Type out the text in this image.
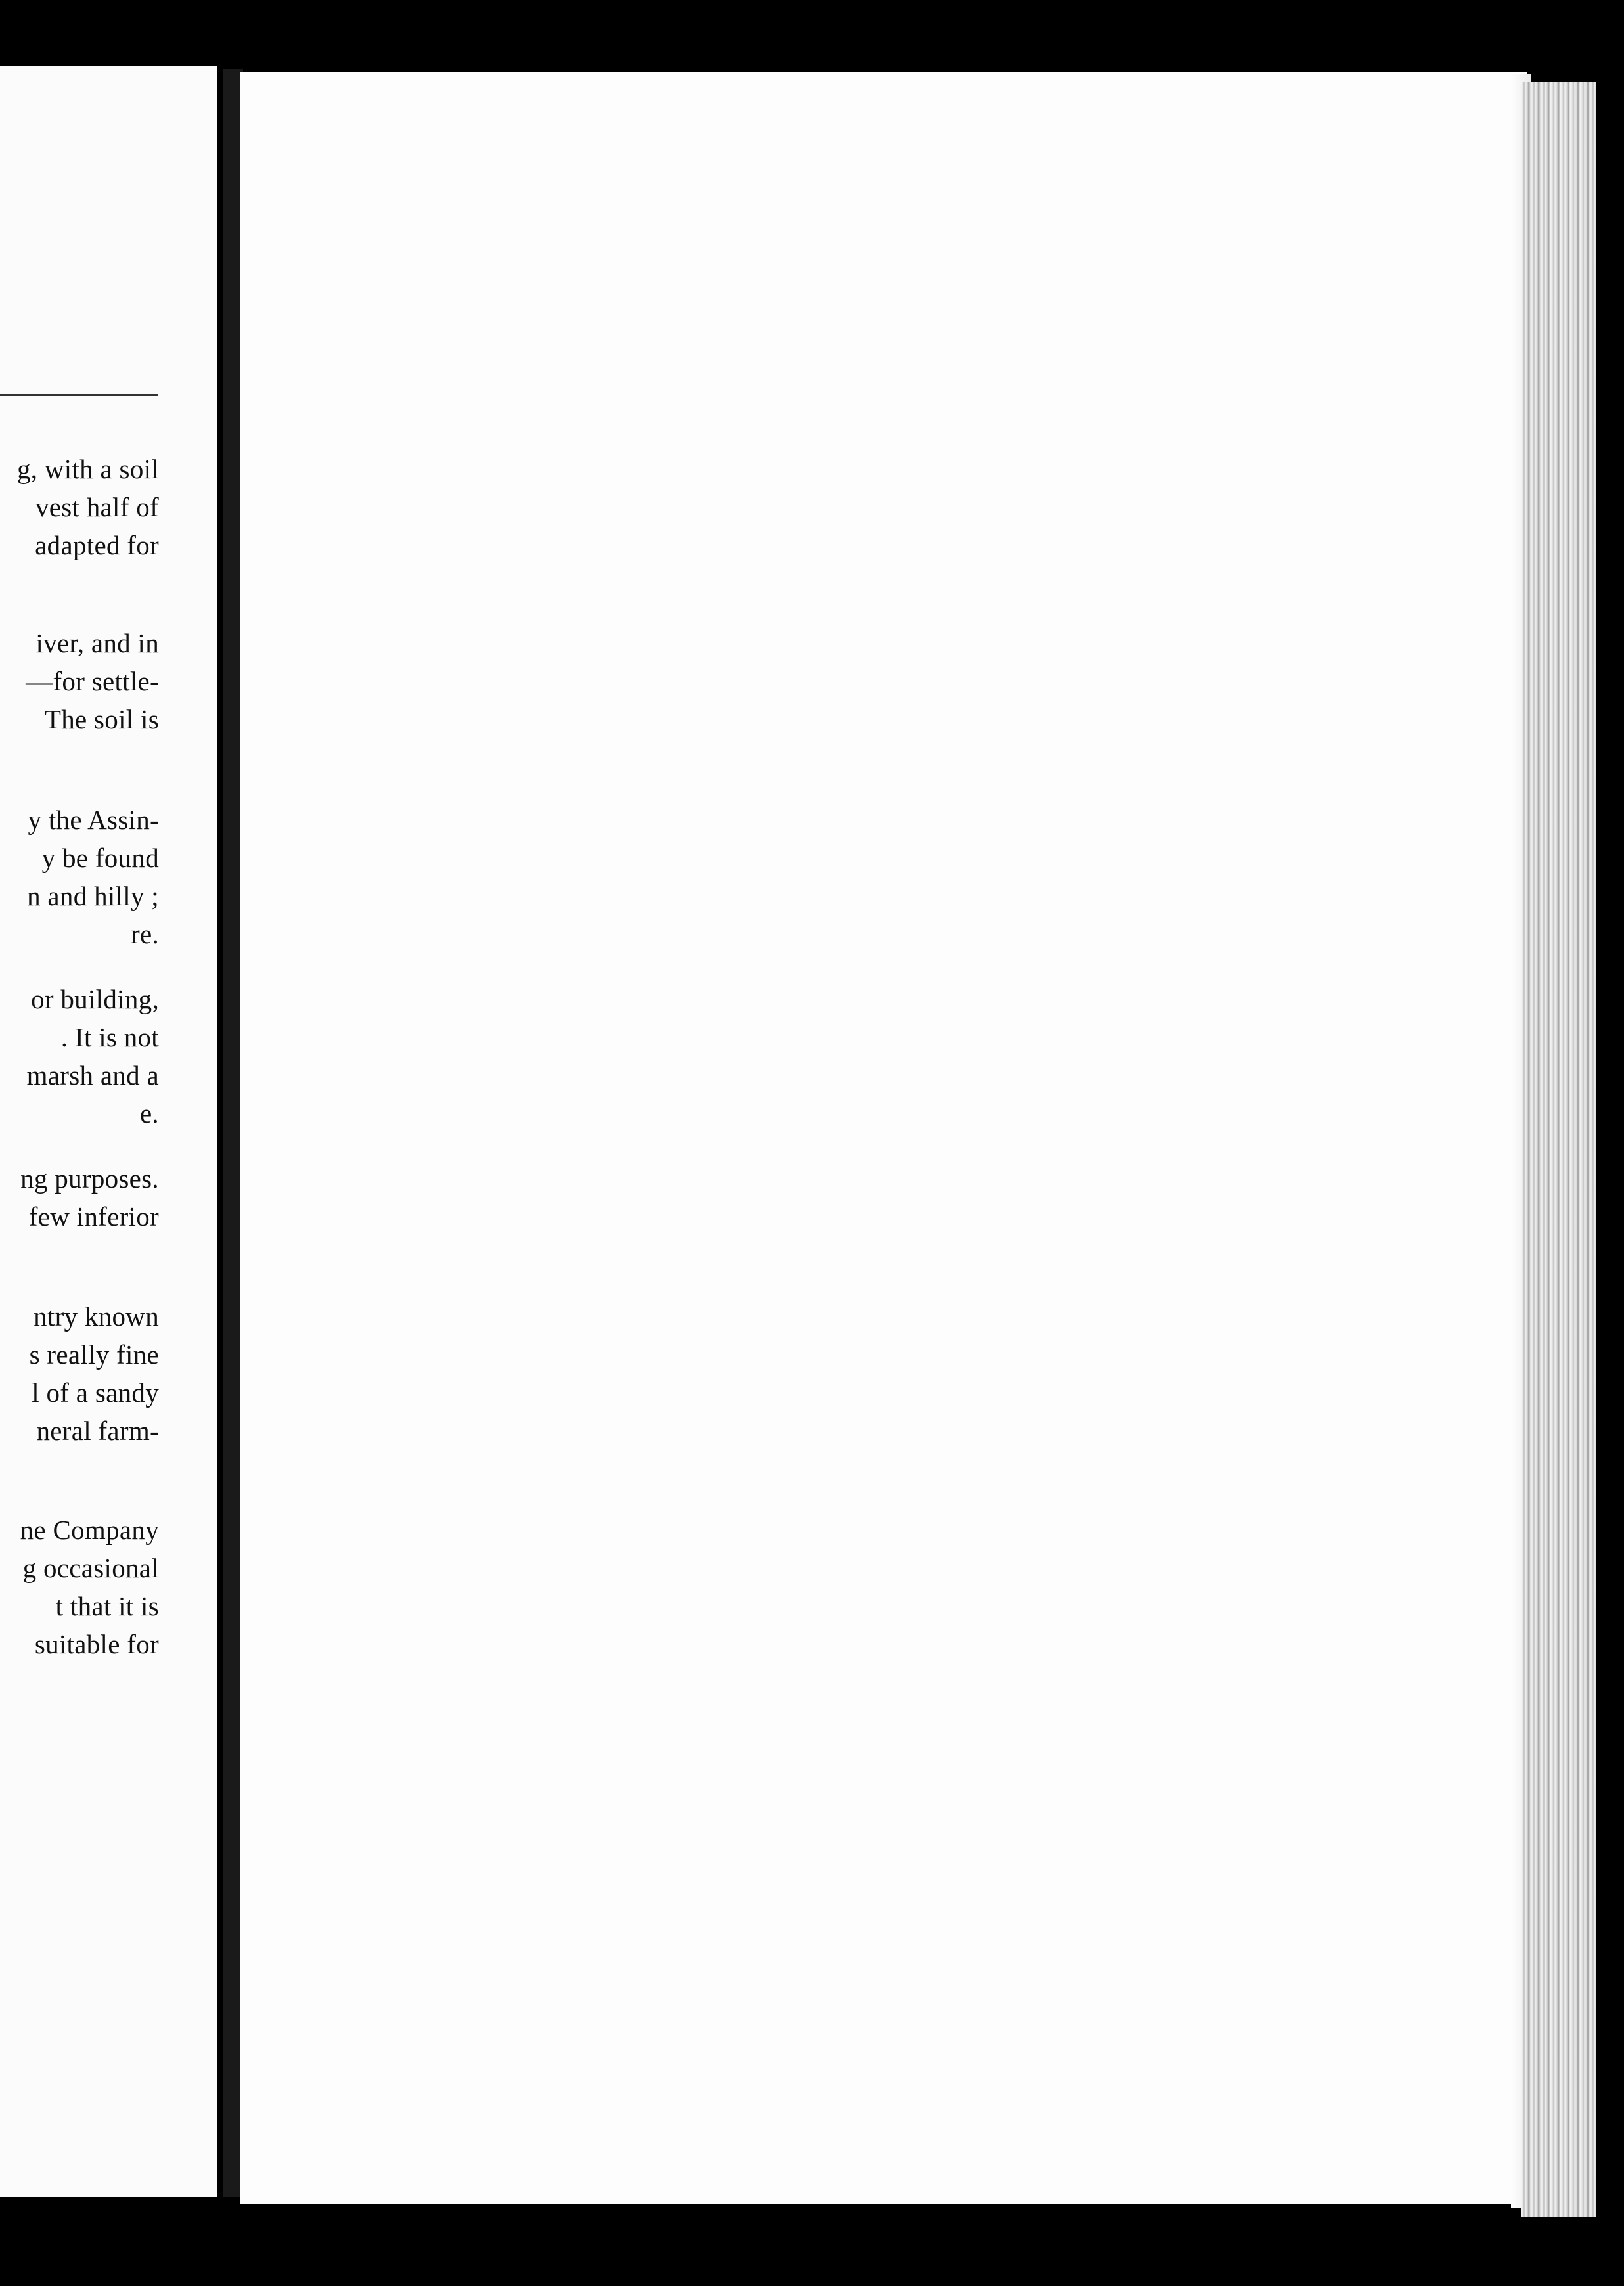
g, with a soil
vest half of
adapted for
iver, and in
—for settle-
The soil is
y the Assin-
y be found
n and hilly ;
re.
or building,
. It is not
marsh and a
e.
ng purposes.
few inferior
ntry known
s really fine
l of a sandy
neral farm-
ne Company
g occasional
t that it is
suitable for
